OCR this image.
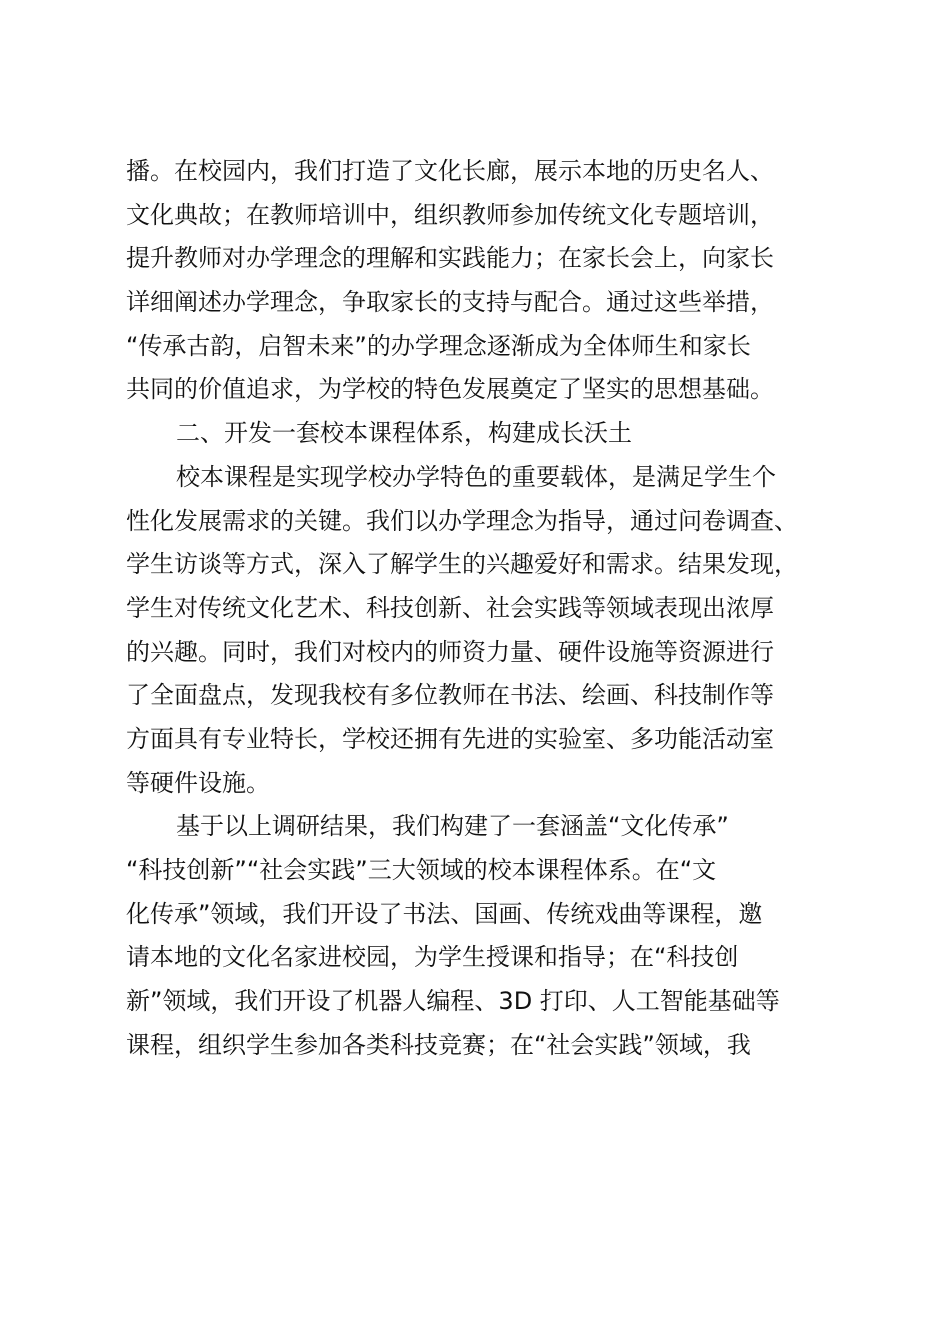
播。在校园内，我们打造了文化长廊，展示本地的历史名人、
文化典故；在教师培训中，组织教师参加传统文化专题培训，
提升教师对办学理念的理解和实践能力；在家长会上，向家长
详细阐述办学理念，争取家长的支持与配合。通过这些举措，
“传承古韵，启智未来”的办学理念逐渐成为全体师生和家长
共同的价值追求，为学校的特色发展奠定了坚实的思想基础。
二、开发一套校本课程体系，构建成长沃土
校本课程是实现学校办学特色的重要载体，是满足学生个
性化发展需求的关键。我们以办学理念为指导，通过问卷调查、
学生访谈等方式，深入了解学生的兴趣爱好和需求。结果发现，
学生对传统文化艺术、科技创新、社会实践等领域表现出浓厚
的兴趣。同时，我们对校内的师资力量、硬件设施等资源进行
了全面盘点，发现我校有多位教师在书法、绘画、科技制作等
方面具有专业特长，学校还拥有先进的实验室、多功能活动室
等硬件设施。
基于以上调研结果，我们构建了一套涵盖“文化传承”
“科技创新”“社会实践”三大领域的校本课程体系。在“文
化传承”领域，我们开设了书法、国画、传统戏曲等课程，邀
请本地的文化名家进校园，为学生授课和指导；在“科技创
新”领域，我们开设了机器人编程、3D 打印、人工智能基础等
课程，组织学生参加各类科技竞赛；在“社会实践”领域，我
